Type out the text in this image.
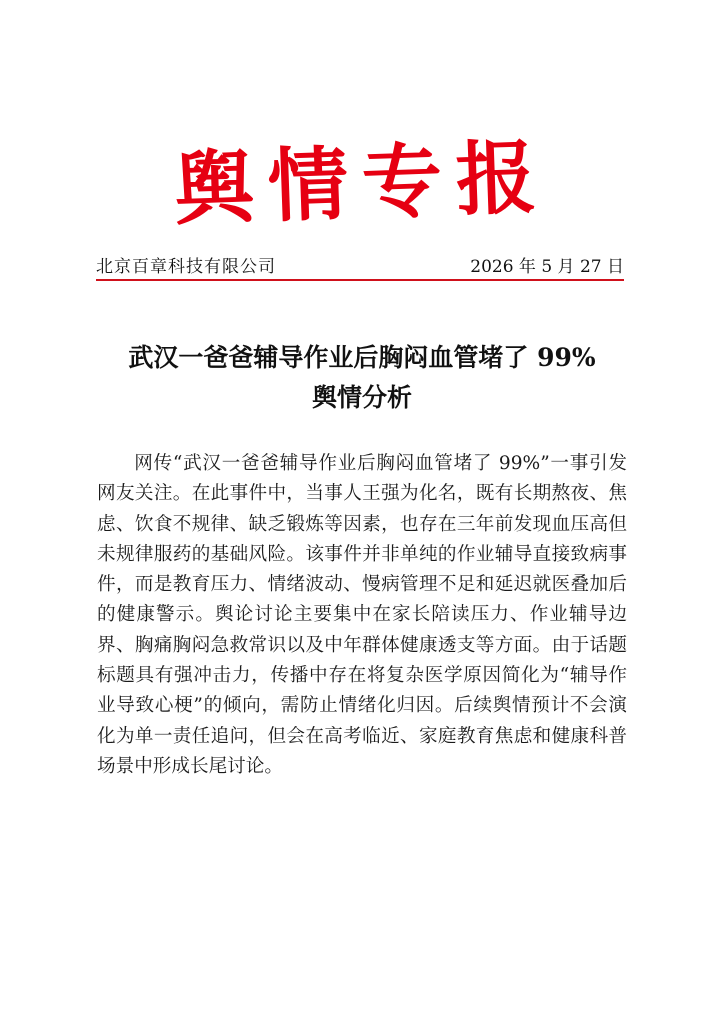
舆情专报
北京百章科技有限公司	2026 年 5 月 27 日
武汉一爸爸辅导作业后胸闷血管堵了 99%
舆情分析

网传“武汉一爸爸辅导作业后胸闷血管堵了 99%”一事引发网友关注。在此事件中，当事人王强为化名，既有长期熬夜、焦虑、饮食不规律、缺乏锻炼等因素，也存在三年前发现血压高但未规律服药的基础风险。该事件并非单纯的作业辅导直接致病事件，而是教育压力、情绪波动、慢病管理不足和延迟就医叠加后的健康警示。舆论讨论主要集中在家长陪读压力、作业辅导边界、胸痛胸闷急救常识以及中年群体健康透支等方面。由于话题标题具有强冲击力，传播中存在将复杂医学原因简化为“辅导作业导致心梗”的倾向，需防止情绪化归因。后续舆情预计不会演化为单一责任追问，但会在高考临近、家庭教育焦虑和健康科普场景中形成长尾讨论。
